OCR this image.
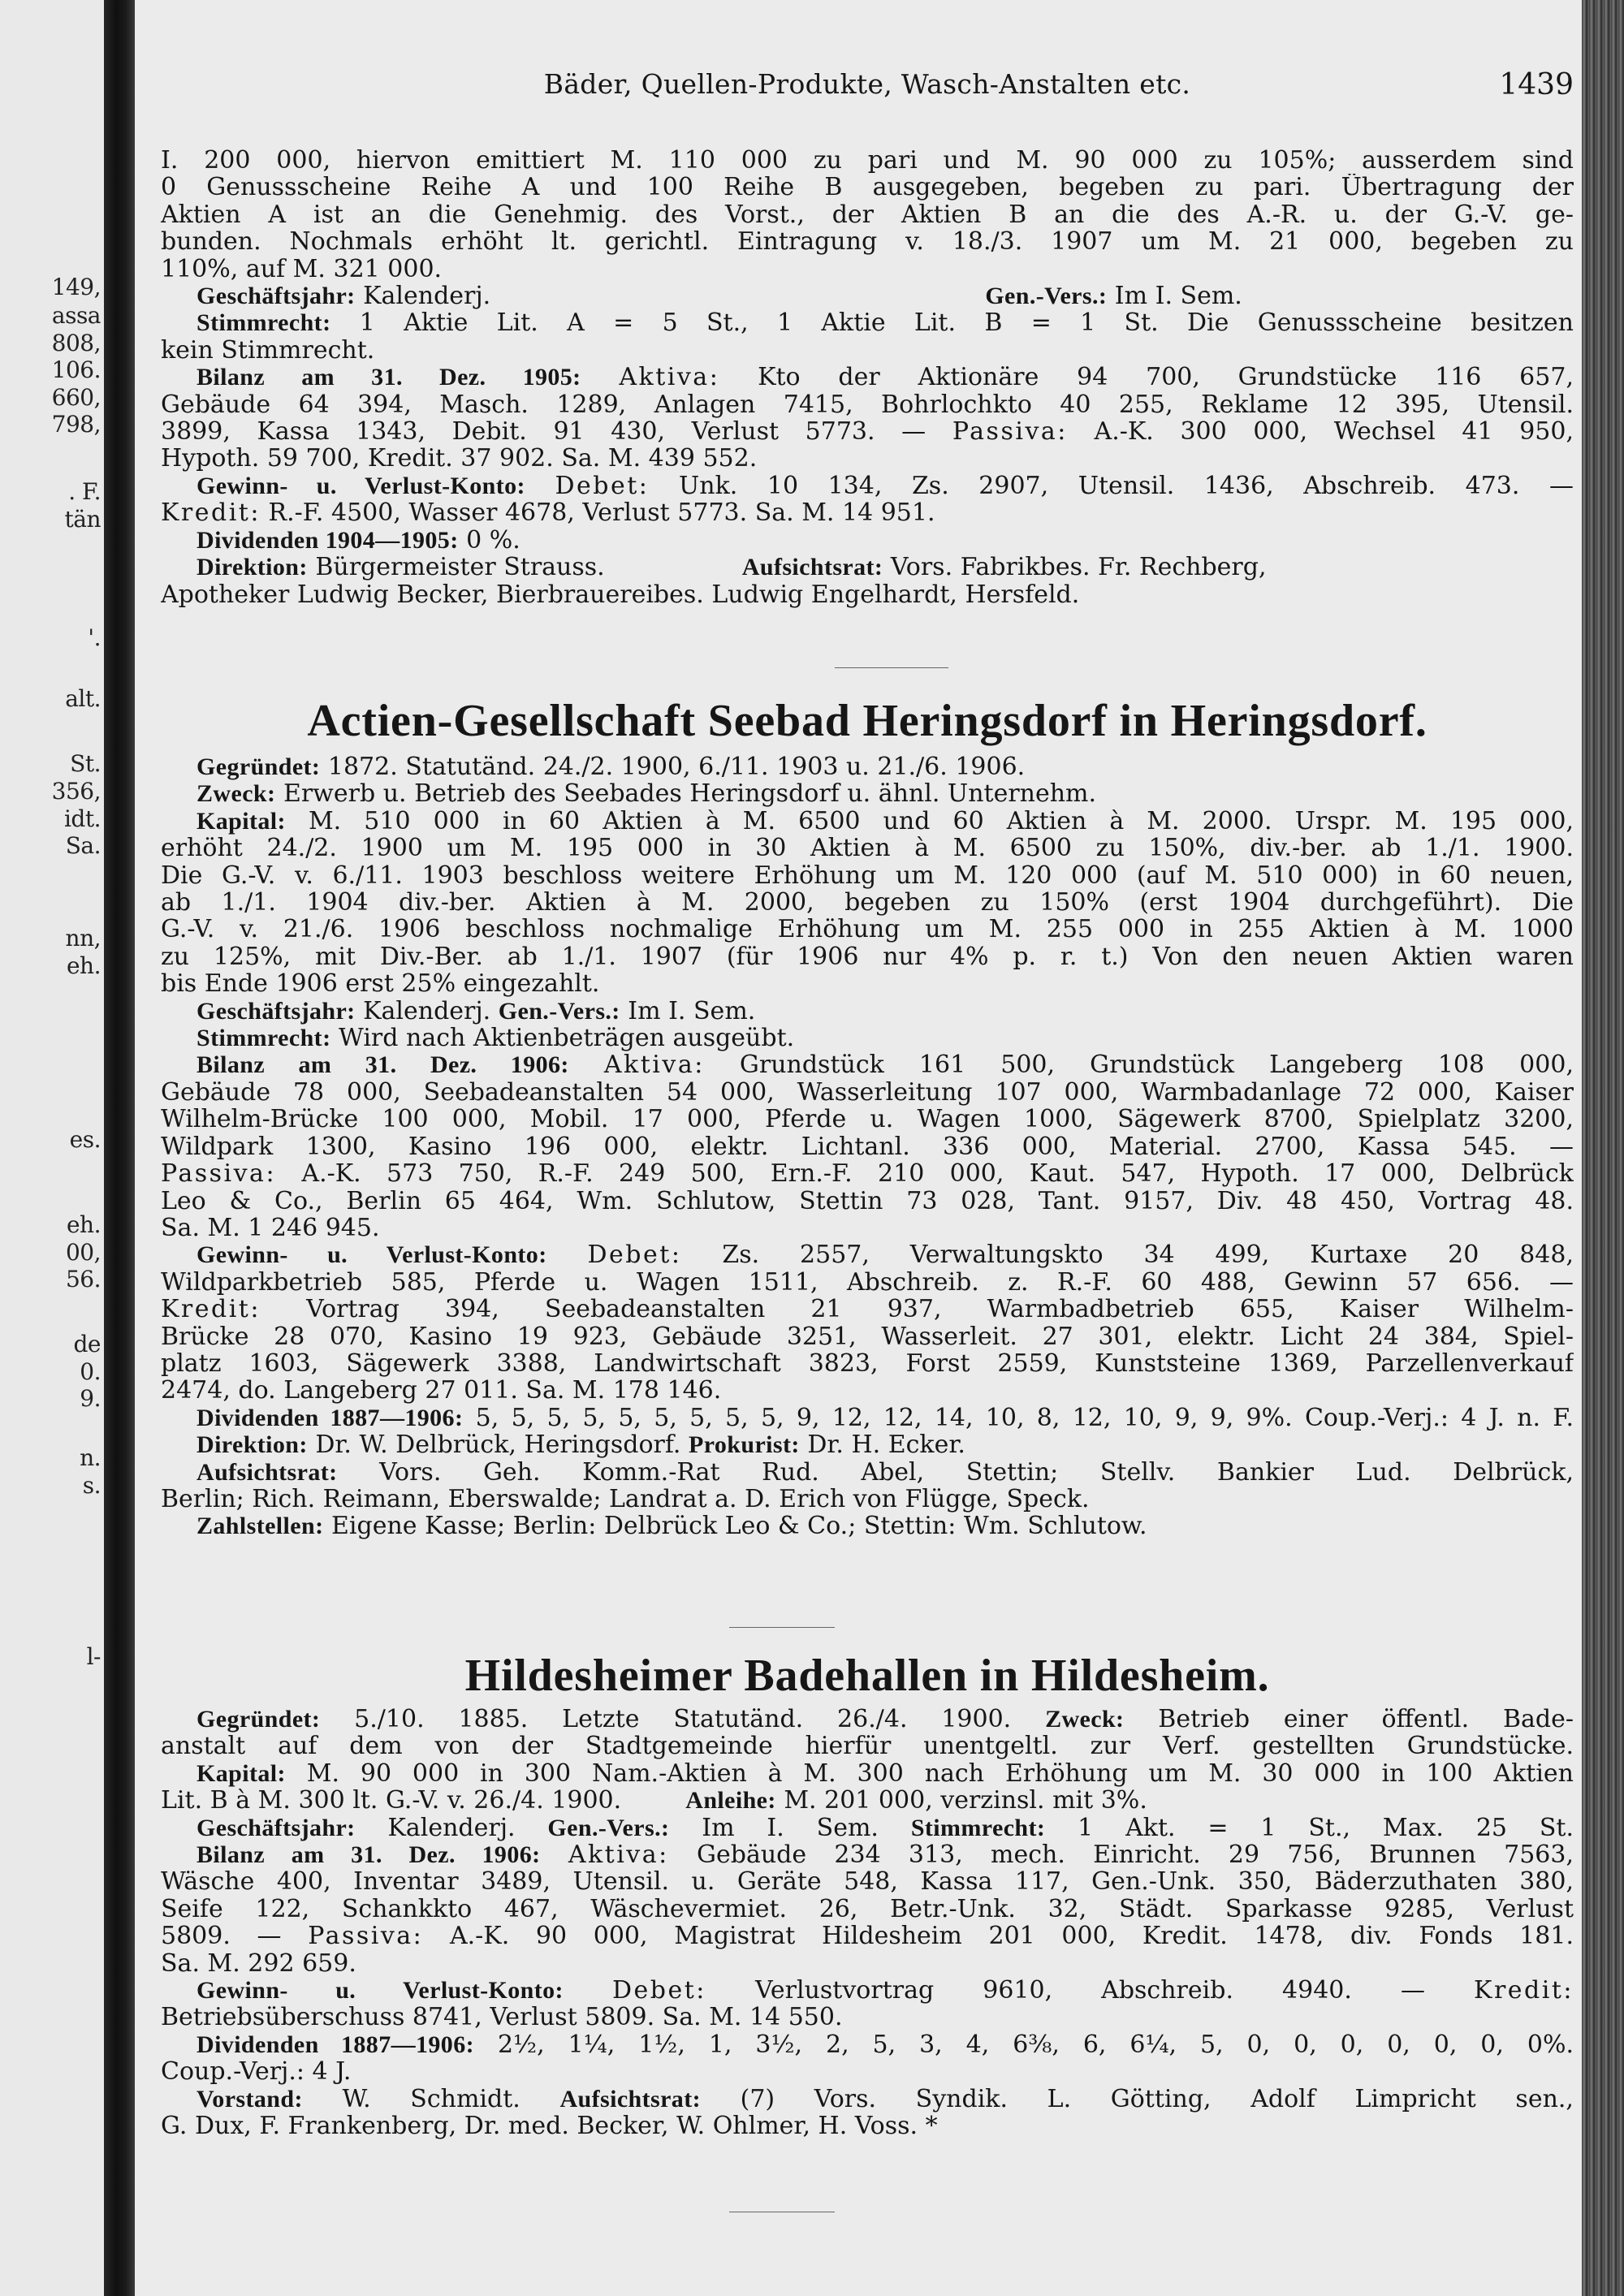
149,
assa
808,
106.
660,
798,
. F.
tän
'.
alt.
St.
356,
idt.
Sa.
nn,
eh.
es.
eh.
00,
56.
de
0.
9.
n.
s.
l-
Bäder, Quellen-Produkte, Wasch-Anstalten etc.	1439
I. 200 000, hiervon emittiert M. 110 000 zu pari und M. 90 000 zu 105%; ausserdem sind
0 Genussscheine Reihe A und 100 Reihe B ausgegeben, begeben zu pari. Übertragung der
Aktien A ist an die Genehmig. des Vorst., der Aktien B an die des A.-R. u. der G.-V. ge-
bunden. Nochmals erhöht lt. gerichtl. Eintragung v. 18./3. 1907 um M. 21 000, begeben zu
110%, auf M. 321 000.
Geschäftsjahr: Kalenderj.	Gen.-Vers.: Im I. Sem.
Stimmrecht: 1 Aktie Lit. A = 5 St., 1 Aktie Lit. B = 1 St. Die Genussscheine besitzen
kein Stimmrecht.
Bilanz am 31. Dez. 1905: Aktiva: Kto der Aktionäre 94 700, Grundstücke 116 657,
Gebäude 64 394, Masch. 1289, Anlagen 7415, Bohrlochkto 40 255, Reklame 12 395, Utensil.
3899, Kassa 1343, Debit. 91 430, Verlust 5773. — Passiva: A.-K. 300 000, Wechsel 41 950,
Hypoth. 59 700, Kredit. 37 902. Sa. M. 439 552.
Gewinn- u. Verlust-Konto: Debet: Unk. 10 134, Zs. 2907, Utensil. 1436, Abschreib. 473. —
Kredit: R.-F. 4500, Wasser 4678, Verlust 5773. Sa. M. 14 951.
Dividenden 1904—1905: 0 %.
Direktion: Bürgermeister Strauss.	Aufsichtsrat: Vors. Fabrikbes. Fr. Rechberg,
Apotheker Ludwig Becker, Bierbrauereibes. Ludwig Engelhardt, Hersfeld.
Actien-Gesellschaft Seebad Heringsdorf in Heringsdorf.
Gegründet: 1872. Statutänd. 24./2. 1900, 6./11. 1903 u. 21./6. 1906.
Zweck: Erwerb u. Betrieb des Seebades Heringsdorf u. ähnl. Unternehm.
Kapital: M. 510 000 in 60 Aktien à M. 6500 und 60 Aktien à M. 2000. Urspr. M. 195 000,
erhöht 24./2. 1900 um M. 195 000 in 30 Aktien à M. 6500 zu 150%, div.-ber. ab 1./1. 1900.
Die G.-V. v. 6./11. 1903 beschloss weitere Erhöhung um M. 120 000 (auf M. 510 000) in 60 neuen,
ab 1./1. 1904 div.-ber. Aktien à M. 2000, begeben zu 150% (erst 1904 durchgeführt). Die
G.-V. v. 21./6. 1906 beschloss nochmalige Erhöhung um M. 255 000 in 255 Aktien à M. 1000
zu 125%, mit Div.-Ber. ab 1./1. 1907 (für 1906 nur 4% p. r. t.) Von den neuen Aktien waren
bis Ende 1906 erst 25% eingezahlt.
Geschäftsjahr: Kalenderj. Gen.-Vers.: Im I. Sem.
Stimmrecht: Wird nach Aktienbeträgen ausgeübt.
Bilanz am 31. Dez. 1906: Aktiva: Grundstück 161 500, Grundstück Langeberg 108 000,
Gebäude 78 000, Seebadeanstalten 54 000, Wasserleitung 107 000, Warmbadanlage 72 000, Kaiser
Wilhelm-Brücke 100 000, Mobil. 17 000, Pferde u. Wagen 1000, Sägewerk 8700, Spielplatz 3200,
Wildpark 1300, Kasino 196 000, elektr. Lichtanl. 336 000, Material. 2700, Kassa 545. —
Passiva: A.-K. 573 750, R.-F. 249 500, Ern.-F. 210 000, Kaut. 547, Hypoth. 17 000, Delbrück
Leo & Co., Berlin 65 464, Wm. Schlutow, Stettin 73 028, Tant. 9157, Div. 48 450, Vortrag 48.
Sa. M. 1 246 945.
Gewinn- u. Verlust-Konto: Debet: Zs. 2557, Verwaltungskto 34 499, Kurtaxe 20 848,
Wildparkbetrieb 585, Pferde u. Wagen 1511, Abschreib. z. R.-F. 60 488, Gewinn 57 656. —
Kredit: Vortrag 394, Seebadeanstalten 21 937, Warmbadbetrieb 655, Kaiser Wilhelm-
Brücke 28 070, Kasino 19 923, Gebäude 3251, Wasserleit. 27 301, elektr. Licht 24 384, Spiel-
platz 1603, Sägewerk 3388, Landwirtschaft 3823, Forst 2559, Kunststeine 1369, Parzellenverkauf
2474, do. Langeberg 27 011. Sa. M. 178 146.
Dividenden 1887—1906: 5, 5, 5, 5, 5, 5, 5, 5, 5, 9, 12, 12, 14, 10, 8, 12, 10, 9, 9, 9%. Coup.-Verj.: 4 J. n. F.
Direktion: Dr. W. Delbrück, Heringsdorf. Prokurist: Dr. H. Ecker.
Aufsichtsrat: Vors. Geh. Komm.-Rat Rud. Abel, Stettin; Stellv. Bankier Lud. Delbrück,
Berlin; Rich. Reimann, Eberswalde; Landrat a. D. Erich von Flügge, Speck.
Zahlstellen: Eigene Kasse; Berlin: Delbrück Leo & Co.; Stettin: Wm. Schlutow.
Hildesheimer Badehallen in Hildesheim.
Gegründet: 5./10. 1885. Letzte Statutänd. 26./4. 1900. Zweck: Betrieb einer öffentl. Bade-
anstalt auf dem von der Stadtgemeinde hierfür unentgeltl. zur Verf. gestellten Grundstücke.
Kapital: M. 90 000 in 300 Nam.-Aktien à M. 300 nach Erhöhung um M. 30 000 in 100 Aktien
Lit. B à M. 300 lt. G.-V. v. 26./4. 1900.	Anleihe: M. 201 000, verzinsl. mit 3%.
Geschäftsjahr: Kalenderj. Gen.-Vers.: Im I. Sem. Stimmrecht: 1 Akt. = 1 St., Max. 25 St.
Bilanz am 31. Dez. 1906: Aktiva: Gebäude 234 313, mech. Einricht. 29 756, Brunnen 7563,
Wäsche 400, Inventar 3489, Utensil. u. Geräte 548, Kassa 117, Gen.-Unk. 350, Bäderzuthaten 380,
Seife 122, Schankkto 467, Wäschevermiet. 26, Betr.-Unk. 32, Städt. Sparkasse 9285, Verlust
5809. — Passiva: A.-K. 90 000, Magistrat Hildesheim 201 000, Kredit. 1478, div. Fonds 181.
Sa. M. 292 659.
Gewinn- u. Verlust-Konto: Debet: Verlustvortrag 9610, Abschreib. 4940. — Kredit:
Betriebsüberschuss 8741, Verlust 5809. Sa. M. 14 550.
Dividenden 1887—1906: 2½, 1¼, 1½, 1, 3½, 2, 5, 3, 4, 6⅜, 6, 6¼, 5, 0, 0, 0, 0, 0, 0, 0%.
Coup.-Verj.: 4 J.
Vorstand: W. Schmidt. Aufsichtsrat: (7) Vors. Syndik. L. Götting, Adolf Limpricht sen.,
G. Dux, F. Frankenberg, Dr. med. Becker, W. Ohlmer, H. Voss. *
